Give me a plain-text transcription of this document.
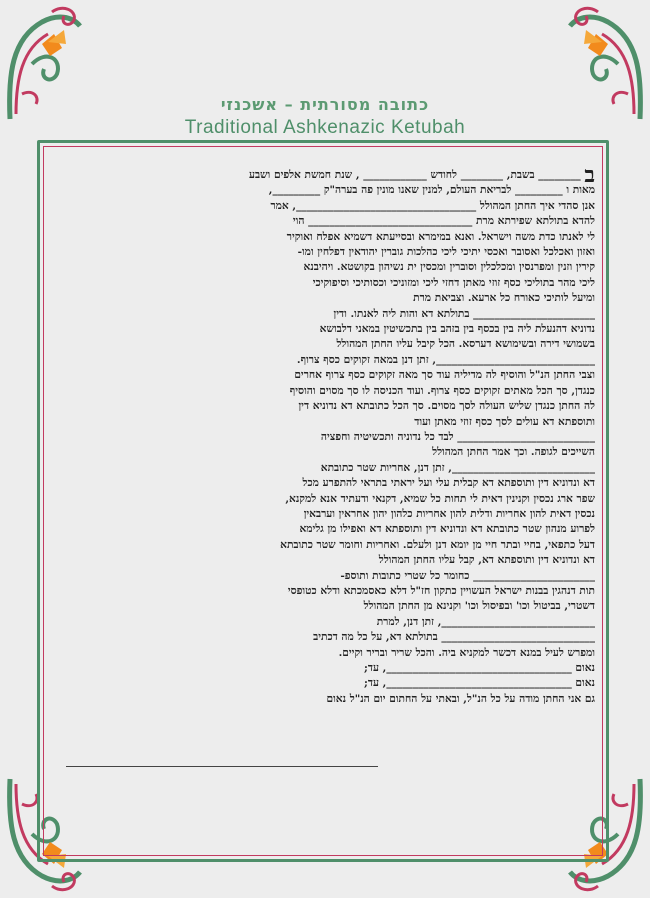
כתובה מסורתית – אשכנזי
Traditional Ashkenazic Ketubah
ב ________ בשבת, ________ לחודש ____________ , שנת חמשת אלפים ושבע
מאות ו _________ לבריאת העולם, למנין שאנו מונין פה בערה"ק _________,
אנן סהדי איך החתן המהולל __________________________________, אמר
להדא בתולתא שפירתא מרת _______________________________ הוי
לי לאנתו כדת משה וישראל. ואנא במימרא ובסייעתא דשמיא אפלח ואוקיר
ואזון ואכלכל ואסובר ואכסי יתיכי ליכי כהלכות גוברין יהודאין דפלחין ומו-
קירין וזנין ומפרנסין ומכלכלין וסוברין ומכסין ית נשיהון בקושטא. ויהיבנא
ליכי מהר בתוליכי כסף זוזי מאתן דחזי ליכי ומזוניכי וכסותיכי וסיפוקיכי
ומיעל לותיכי כאורח כל ארעא. וצביאת מרת
_______________________ בתולתא דא והות ליה לאנתו. ודין
נדוניא דהנעלת ליה בין בכסף בין בזהב בין בתכשיטין במאני דלבושא
בשמושי דירה ובשימושא דערסא. הכל קיבל עליו החתן המהולל
______________________________, זתן דנן במאה זקוקים כסף צרוף.
וצבי החתן הנ"ל והוסיף לה מדיליה עוד סך מאה זקוקים כסף צרוף אחרים
כנגדן, סך הכל מאתים זקוקים כסף צרוף. ועוד הכניסה לו סך מסוים והוסיף
לה החתן כנגדן שליש העולה לסך מסוים. סך הכל כתובתא דא נדוניא דין
ותוספתא דא עולים לסך כסף זוזי מאתן ועוד
__________________________ לבד כל נדוניה ותכשיטיה וחפציה
השייכים לגופה. וכך אמר החתן המהולל
___________________________, זתן דנן, אחריות שטר כתובתא
דא ונדוניא דין ותוספתא דא קבלית עלי ועל יראתי בתראי להתפרע מכל
שפר ארג נכסין וקנינין דאית לי תחות כל שמיא, דקנאי ודעתיד אנא למקנא,
נכסין דאית להון אחריות ודלית להון אחריות כלהון יהון אחראין וערבאין
לפרוע מנהון שטר כתובתא דא ונדוניא דין ותוספתא דא ואפילו מן גלימא
דעל כתפאי, בחיי ובתר חיי מן יומא דנן ולעלם. ואחריות וחומר שטר כתובתא
דא ונדוניא דין ותוספתא דא, קבל עליו החתן המהולל
_______________________ כחומר כל שטרי כתובות ותוספ-
תות דנהגין בבנות ישראל העשויין כתקון חז"ל דלא כאסמכתא ודלא כטופסי
דשטרי, בביטול וכו' ובפיסול וכו' וקנינא מן החתן המהולל
_____________________________, זתן דנן, למרת
_____________________________ בתולתא דא, על כל מה דכתיב
ומפרש לעיל במנא דכשר למקניא ביה. והכל שריר ובריר וקיים.
נאום ___________________________________, עד;
נאום ___________________________________, עד;
גם אני החתן מודה על כל הנ"ל, ובאתי על החתום יום הנ"ל נאום
